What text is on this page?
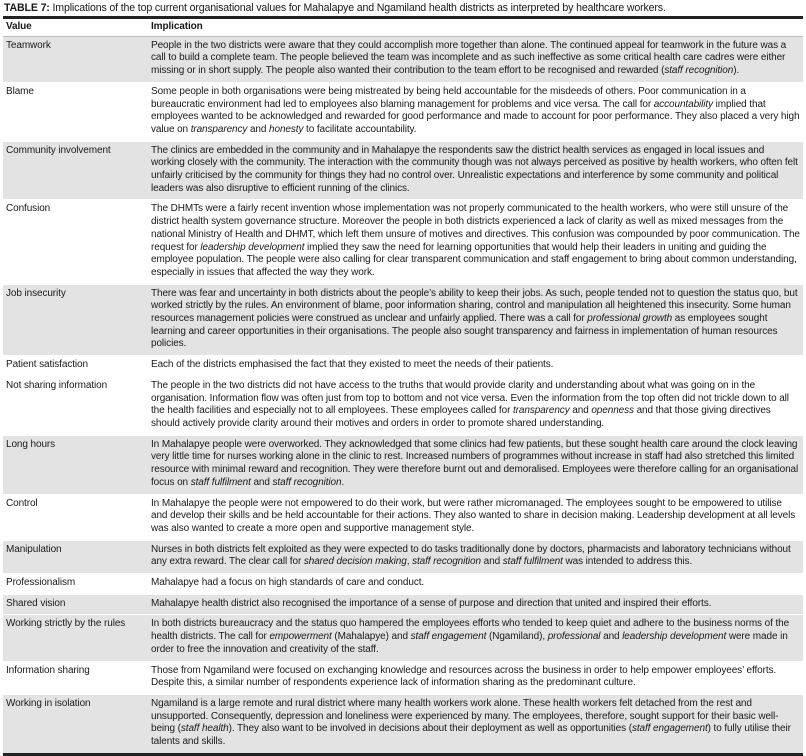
TABLE 7: Implications of the top current organisational values for Mahalapye and Ngamiland health districts as interpreted by healthcare workers.
Value	Implication
Teamwork	People in the two districts were aware that they could accomplish more together than alone. The continued appeal for teamwork in the future was a call to build a complete team. The people believed the team was incomplete and as such ineffective as some critical health care cadres were either missing or in short supply. The people also wanted their contribution to the team effort to be recognised and rewarded (staff recognition).
Blame	Some people in both organisations were being mistreated by being held accountable for the misdeeds of others. Poor communication in a bureaucratic environment had led to employees also blaming management for problems and vice versa. The call for accountability implied that employees wanted to be acknowledged and rewarded for good performance and made to account for poor performance. They also placed a very high value on transparency and honesty to facilitate accountability.
Community involvement	The clinics are embedded in the community and in Mahalapye the respondents saw the district health services as engaged in local issues and working closely with the community. The interaction with the community though was not always perceived as positive by health workers, who often felt unfairly criticised by the community for things they had no control over. Unrealistic expectations and interference by some community and political leaders was also disruptive to efficient running of the clinics.
Confusion	The DHMTs were a fairly recent invention whose implementation was not properly communicated to the health workers, who were still unsure of the district health system governance structure. Moreover the people in both districts experienced a lack of clarity as well as mixed messages from the national Ministry of Health and DHMT, which left them unsure of motives and directives. This confusion was compounded by poor communication. The request for leadership development implied they saw the need for learning opportunities that would help their leaders in uniting and guiding the employee population. The people were also calling for clear transparent communication and staff engagement to bring about common understanding, especially in issues that affected the way they work.
Job insecurity	There was fear and uncertainty in both districts about the people’s ability to keep their jobs. As such, people tended not to question the status quo, but worked strictly by the rules. An environment of blame, poor information sharing, control and manipulation all heightened this insecurity. Some human resources management policies were construed as unclear and unfairly applied. There was a call for professional growth as employees sought learning and career opportunities in their organisations. The people also sought transparency and fairness in implementation of human resources policies.
Patient satisfaction	Each of the districts emphasised the fact that they existed to meet the needs of their patients.
Not sharing information	The people in the two districts did not have access to the truths that would provide clarity and understanding about what was going on in the organisation. Information flow was often just from top to bottom and not vice versa. Even the information from the top often did not trickle down to all the health facilities and especially not to all employees. These employees called for transparency and openness and that those giving directives should actively provide clarity around their motives and orders in order to promote shared understanding.
Long hours	In Mahalapye people were overworked. They acknowledged that some clinics had few patients, but these sought health care around the clock leaving very little time for nurses working alone in the clinic to rest. Increased numbers of programmes without increase in staff had also stretched this limited resource with minimal reward and recognition. They were therefore burnt out and demoralised. Employees were therefore calling for an organisational focus on staff fulfilment and staff recognition.
Control	In Mahalapye the people were not empowered to do their work, but were rather micromanaged. The employees sought to be empowered to utilise and develop their skills and be held accountable for their actions. They also wanted to share in decision making. Leadership development at all levels was also wanted to create a more open and supportive management style.
Manipulation	Nurses in both districts felt exploited as they were expected to do tasks traditionally done by doctors, pharmacists and laboratory technicians without any extra reward. The clear call for shared decision making, staff recognition and staff fulfilment was intended to address this.
Professionalism	Mahalapye had a focus on high standards of care and conduct.
Shared vision	Mahalapye health district also recognised the importance of a sense of purpose and direction that united and inspired their efforts.
Working strictly by the rules	In both districts bureaucracy and the status quo hampered the employees efforts who tended to keep quiet and adhere to the business norms of the health districts. The call for empowerment (Mahalapye) and staff engagement (Ngamiland), professional and leadership development were made in order to free the innovation and creativity of the staff.
Information sharing	Those from Ngamiland were focused on exchanging knowledge and resources across the business in order to help empower employees’ efforts. Despite this, a similar number of respondents experience lack of information sharing as the predominant culture.
Working in isolation	Ngamiland is a large remote and rural district where many health workers work alone. These health workers felt detached from the rest and unsupported. Consequently, depression and loneliness were experienced by many. The employees, therefore, sought support for their basic well-being (staff health). They also want to be involved in decisions about their deployment as well as opportunities (staff engagement) to fully utilise their talents and skills.
